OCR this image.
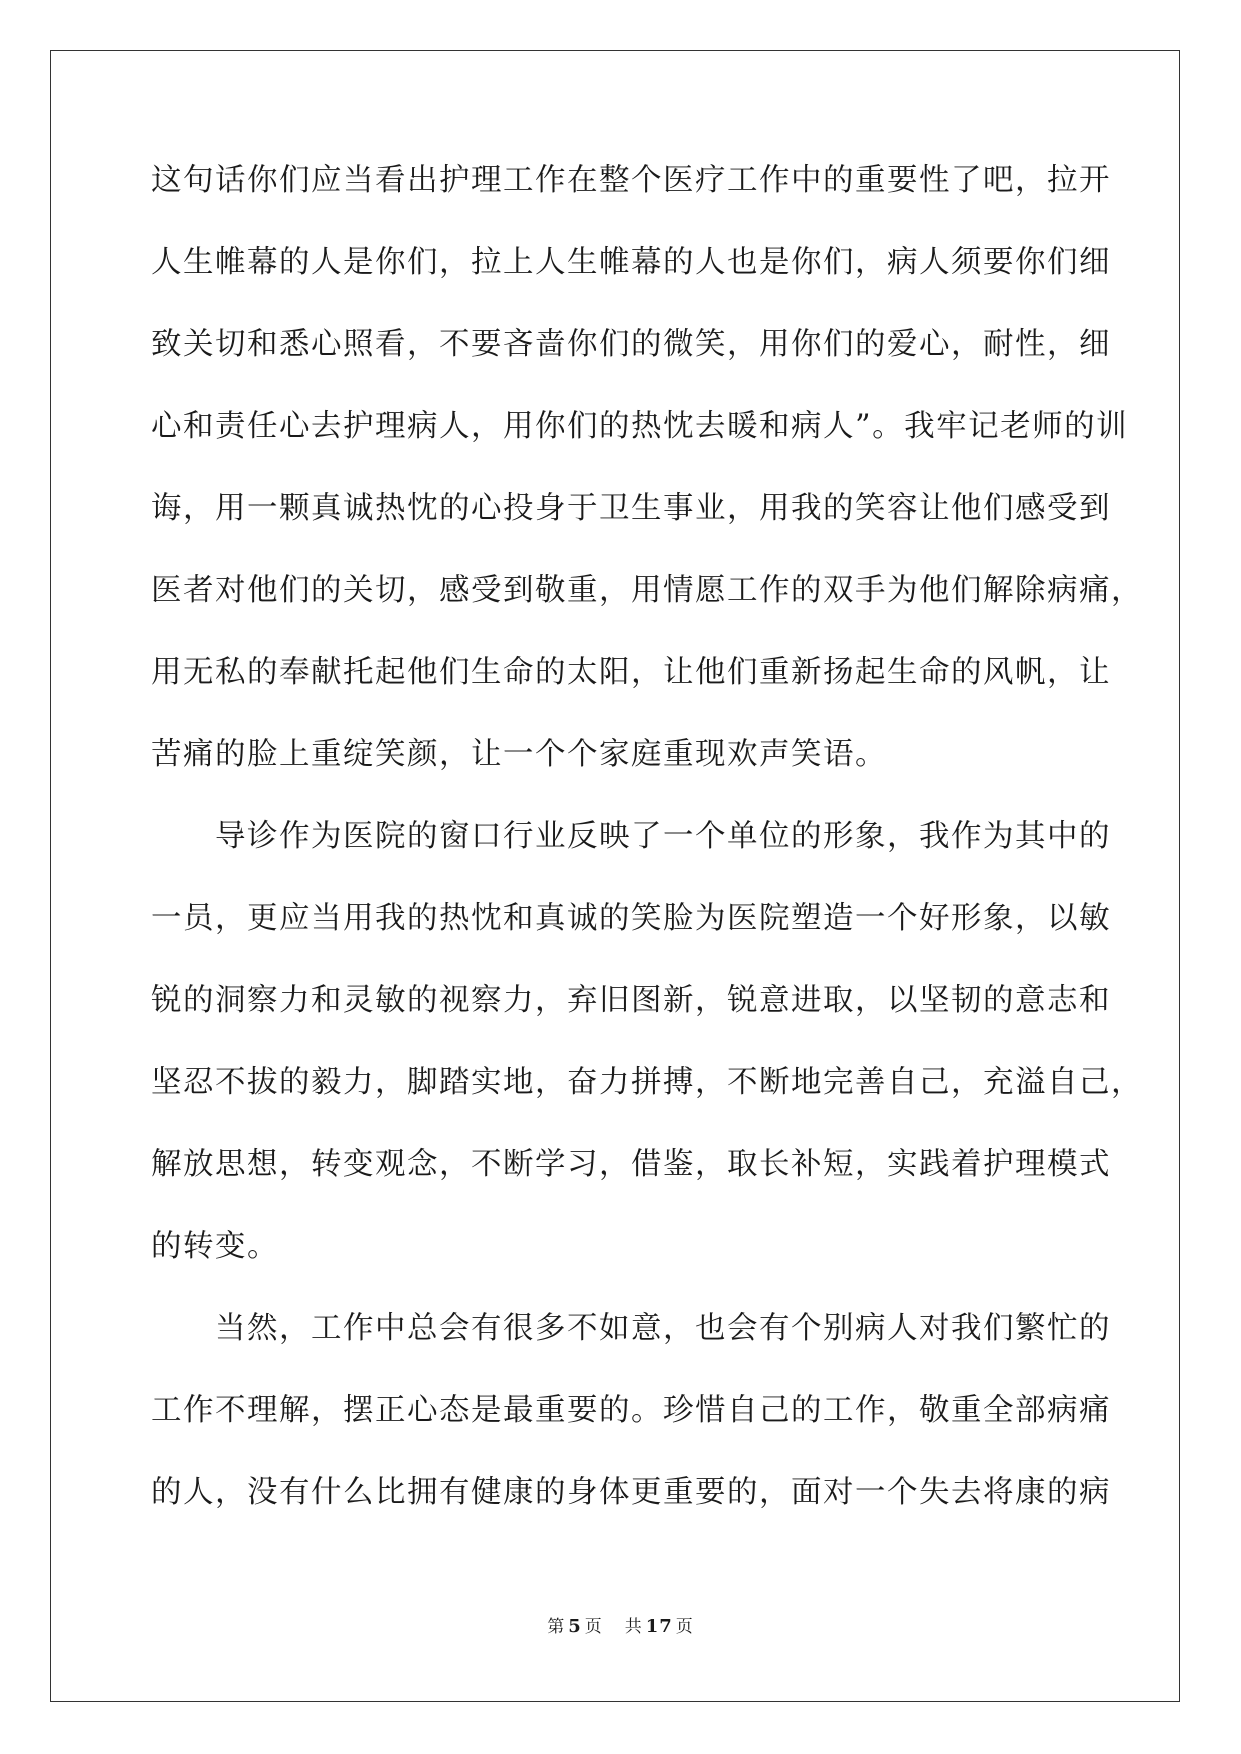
这句话你们应当看出护理工作在整个医疗工作中的重要性了吧，拉开
人生帷幕的人是你们，拉上人生帷幕的人也是你们，病人须要你们细
致关切和悉心照看，不要吝啬你们的微笑，用你们的爱心，耐性，细
心和责任心去护理病人，用你们的热忱去暖和病人”。我牢记老师的训
诲，用一颗真诚热忱的心投身于卫生事业，用我的笑容让他们感受到
医者对他们的关切，感受到敬重，用情愿工作的双手为他们解除病痛，
用无私的奉献托起他们生命的太阳，让他们重新扬起生命的风帆，让
苦痛的脸上重绽笑颜，让一个个家庭重现欢声笑语。
　　导诊作为医院的窗口行业反映了一个单位的形象，我作为其中的
一员，更应当用我的热忱和真诚的笑脸为医院塑造一个好形象，以敏
锐的洞察力和灵敏的视察力，弃旧图新，锐意进取，以坚韧的意志和
坚忍不拔的毅力，脚踏实地，奋力拼搏，不断地完善自己，充溢自己，
解放思想，转变观念，不断学习，借鉴，取长补短，实践着护理模式
的转变。
　　当然，工作中总会有很多不如意，也会有个别病人对我们繁忙的
工作不理解，摆正心态是最重要的。珍惜自己的工作，敬重全部病痛
的人，没有什么比拥有健康的身体更重要的，面对一个失去将康的病
第 5 页 共 17 页
